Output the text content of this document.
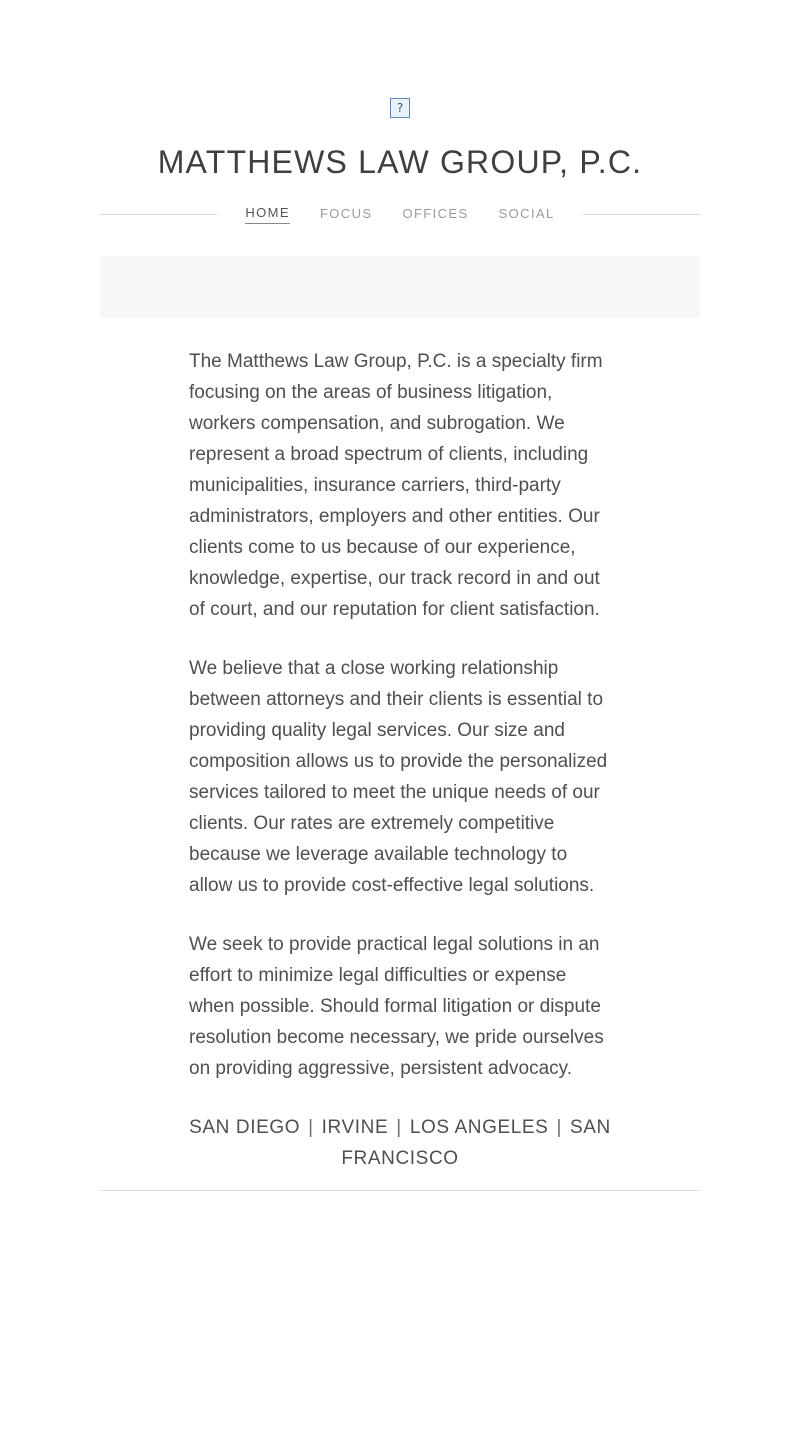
?
MATTHEWS LAW GROUP, P.C.
HOME FOCUS OFFICES SOCIAL

The Matthews Law Group, P.C. is a specialty firm focusing on the areas of business litigation, workers compensation, and subrogation. We represent a broad spectrum of clients, including municipalities, insurance carriers, third-party administrators, employers and other entities. Our clients come to us because of our experience, knowledge, expertise, our track record in and out of court, and our reputation for client satisfaction.

We believe that a close working relationship between attorneys and their clients is essential to providing quality legal services. Our size and composition allows us to provide the personalized services tailored to meet the unique needs of our clients. Our rates are extremely competitive because we leverage available technology to allow us to provide cost-effective legal solutions.

We seek to provide practical legal solutions in an effort to minimize legal difficulties or expense when possible. Should formal litigation or dispute resolution become necessary, we pride ourselves on providing aggressive, persistent advocacy.

SAN DIEGO | IRVINE | LOS ANGELES | SAN FRANCISCO
